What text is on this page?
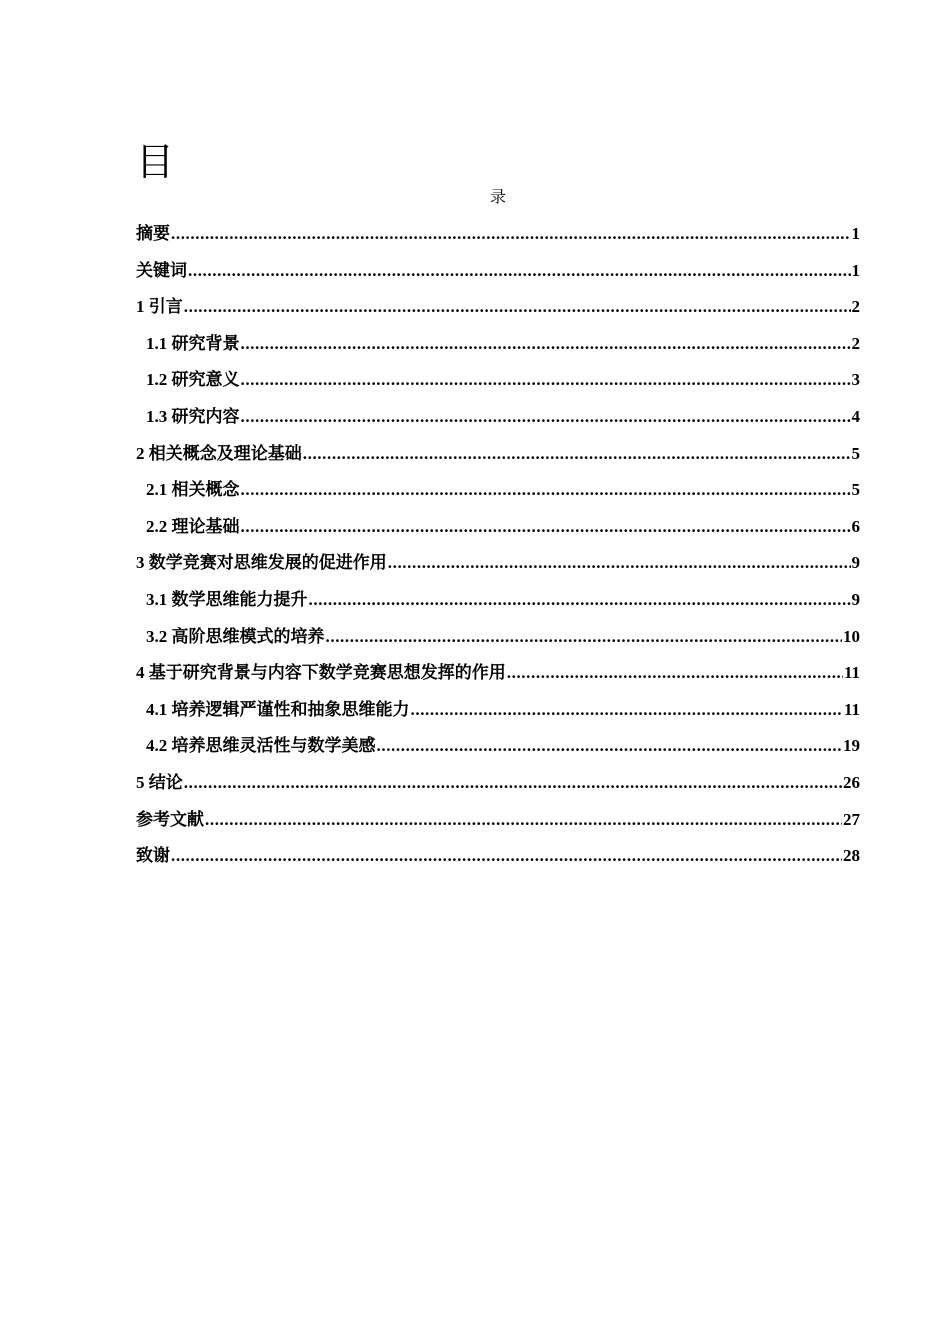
目
录
摘要 .....	1
关键词 .....	1
1 引言 .....	2
1.1 研究背景 .....	2
1.2 研究意义 .....	3
1.3 研究内容 .....	4
2 相关概念及理论基础 .....	5
2.1 相关概念 .....	5
2.2 理论基础 .....	6
3 数学竞赛对思维发展的促进作用 .....	9
3.1 数学思维能力提升 .....	9
3.2 高阶思维模式的培养 .....	10
4 基于研究背景与内容下数学竞赛思想发挥的作用 .....	11
4.1 培养逻辑严谨性和抽象思维能力 .....	11
4.2 培养思维灵活性与数学美感 .....	19
5 结论 .....	26
参考文献 .....	27
致谢 .....	28
